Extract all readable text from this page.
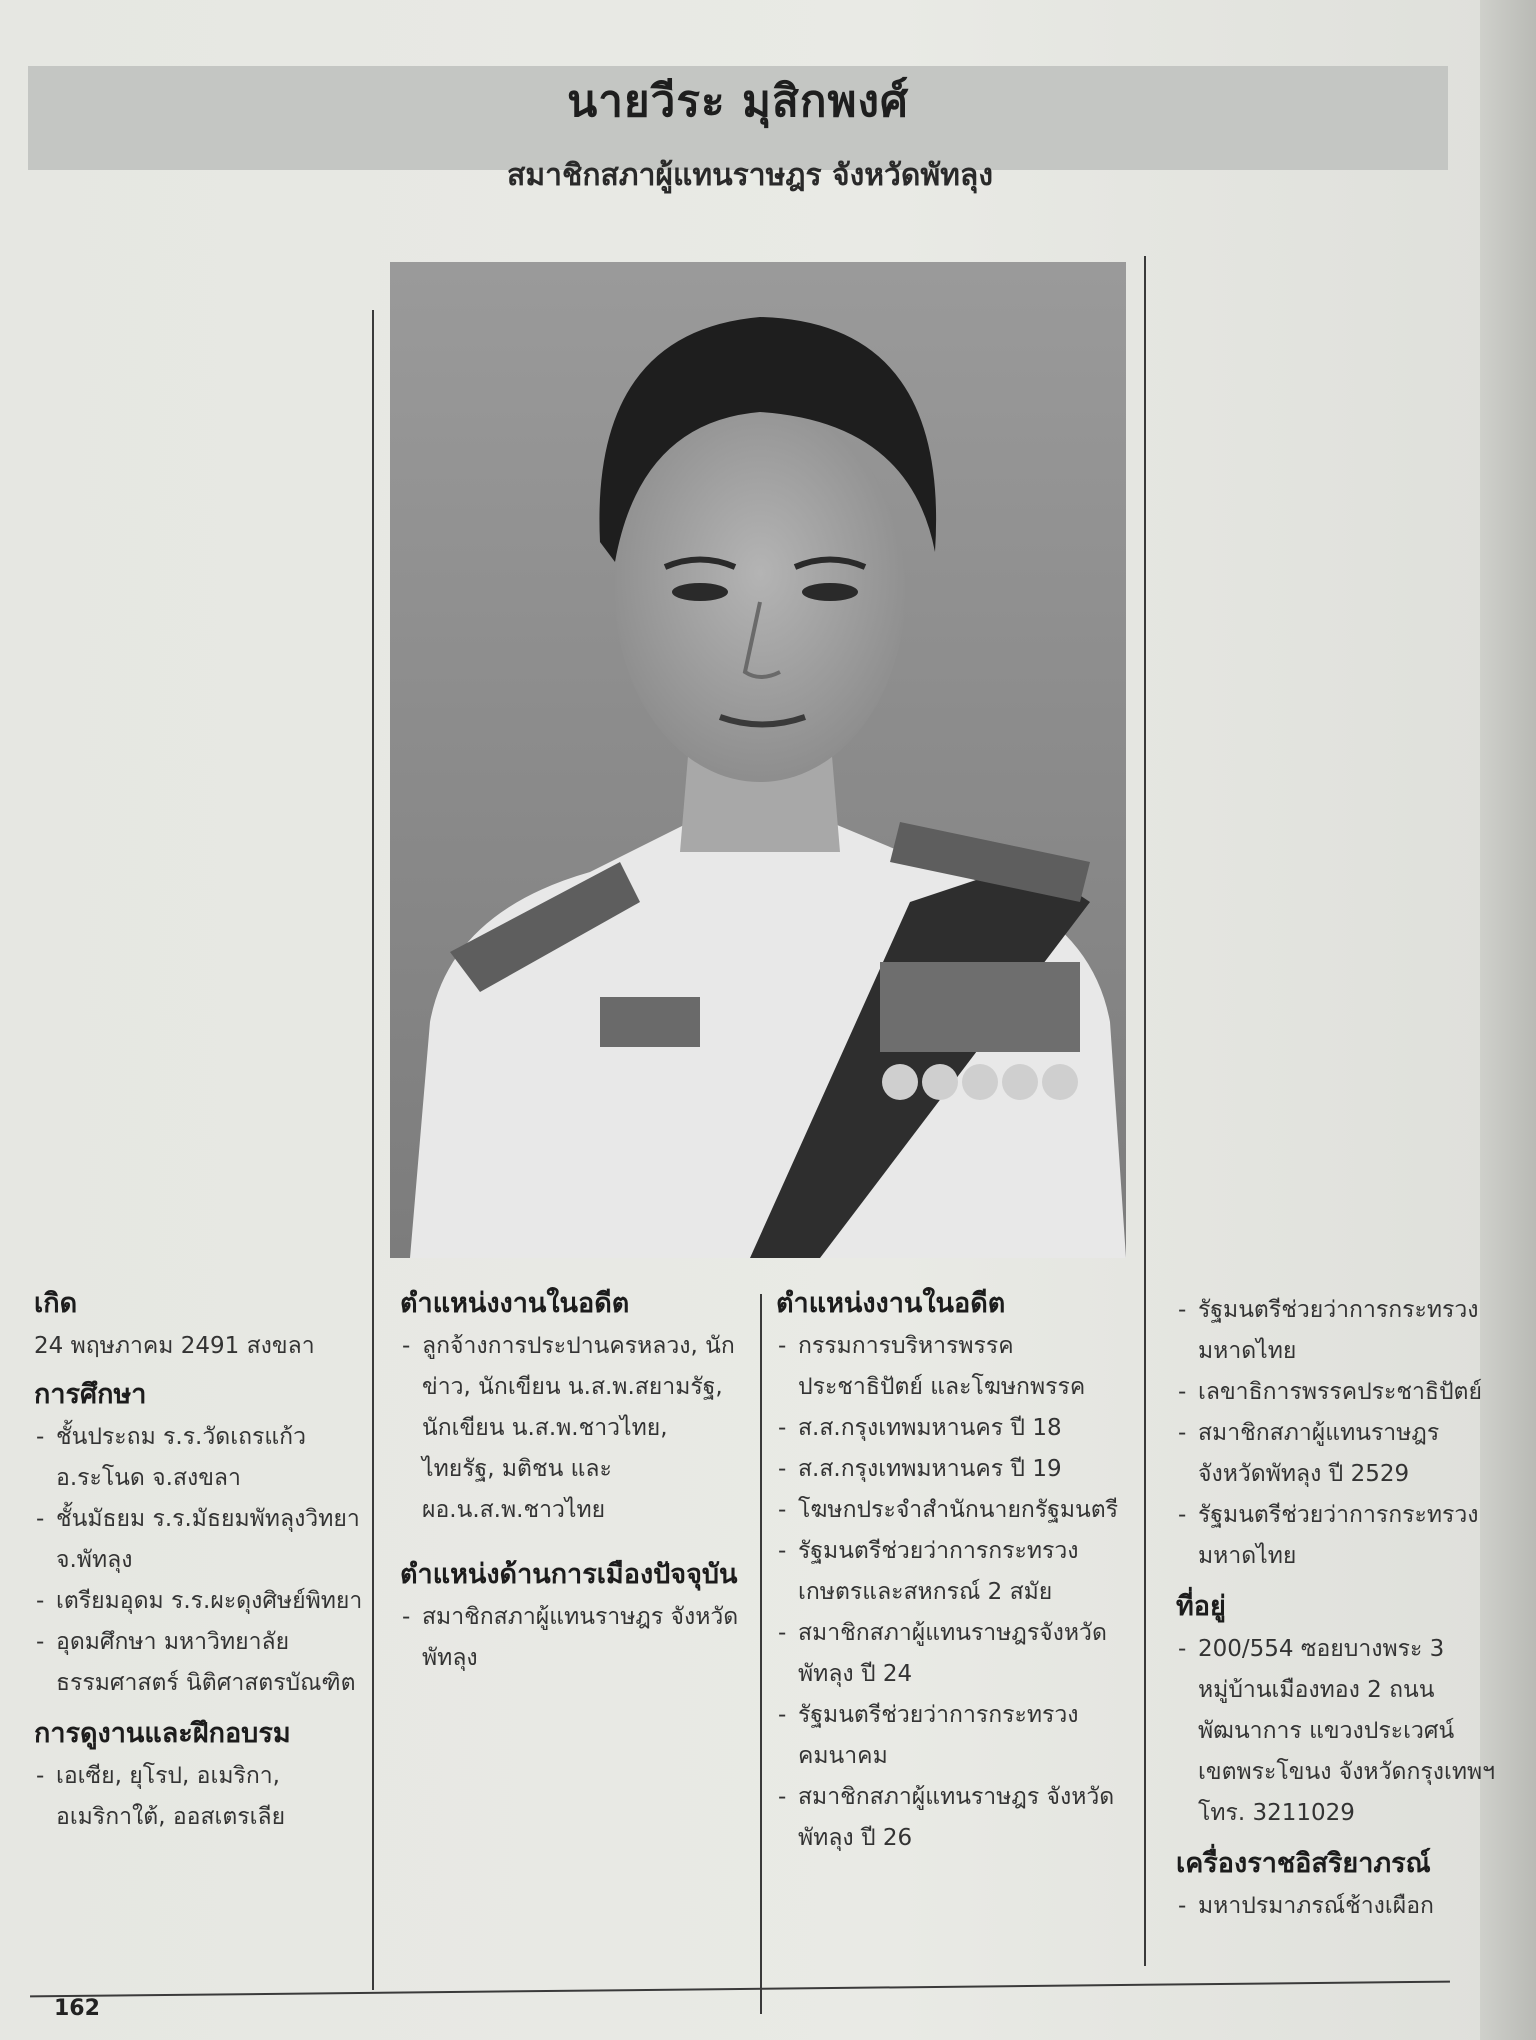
นายวีระ มุสิกพงศ์
สมาชิกสภาผู้แทนราษฎร จังหวัดพัทลุง
เกิด

24 พฤษภาคม 2491 สงขลา

การศึกษา
- ชั้นประถม ร.ร.วัดเถรแก้ว อ.ระโนด จ.สงขลา
- ชั้นมัธยม ร.ร.มัธยมพัทลุงวิทยา จ.พัทลุง
- เตรียมอุดม ร.ร.ผะดุงศิษย์พิทยา
- อุดมศึกษา มหาวิทยาลัยธรรมศาสตร์ นิติศาสตรบัณฑิต
การดูงานและฝึกอบรม
- เอเซีย, ยุโรป, อเมริกา, อเมริกาใต้, ออสเตรเลีย
ตำแหน่งงานในอดีต
- ลูกจ้างการประปานครหลวง, นักข่าว, นักเขียน น.ส.พ.สยามรัฐ, นักเขียน น.ส.พ.ชาวไทย, ไทยรัฐ, มติชน และ ผอ.น.ส.พ.ชาวไทย
ตำแหน่งด้านการเมืองปัจจุบัน
- สมาชิกสภาผู้แทนราษฎร จังหวัดพัทลุง
ตำแหน่งงานในอดีต
- กรรมการบริหารพรรคประชาธิปัตย์ และโฆษกพรรค
- ส.ส.กรุงเทพมหานคร ปี 18
- ส.ส.กรุงเทพมหานคร ปี 19
- โฆษกประจำสำนักนายกรัฐมนตรี
- รัฐมนตรีช่วยว่าการกระทรวงเกษตรและสหกรณ์ 2 สมัย
- สมาชิกสภาผู้แทนราษฎรจังหวัดพัทลุง ปี 24
- รัฐมนตรีช่วยว่าการกระทรวงคมนาคม
- สมาชิกสภาผู้แทนราษฎร จังหวัดพัทลุง ปี 26
- รัฐมนตรีช่วยว่าการกระทรวงมหาดไทย
- เลขาธิการพรรคประชาธิปัตย์
- สมาชิกสภาผู้แทนราษฎร จังหวัดพัทลุง ปี 2529
- รัฐมนตรีช่วยว่าการกระทรวงมหาดไทย
ที่อยู่
- 200/554 ซอยบางพระ 3 หมู่บ้านเมืองทอง 2 ถนนพัฒนาการ แขวงประเวศน์ เขตพระโขนง จังหวัดกรุงเทพฯ โทร. 3211029
เครื่องราชอิสริยาภรณ์
- มหาปรมาภรณ์ช้างเผือก
162
